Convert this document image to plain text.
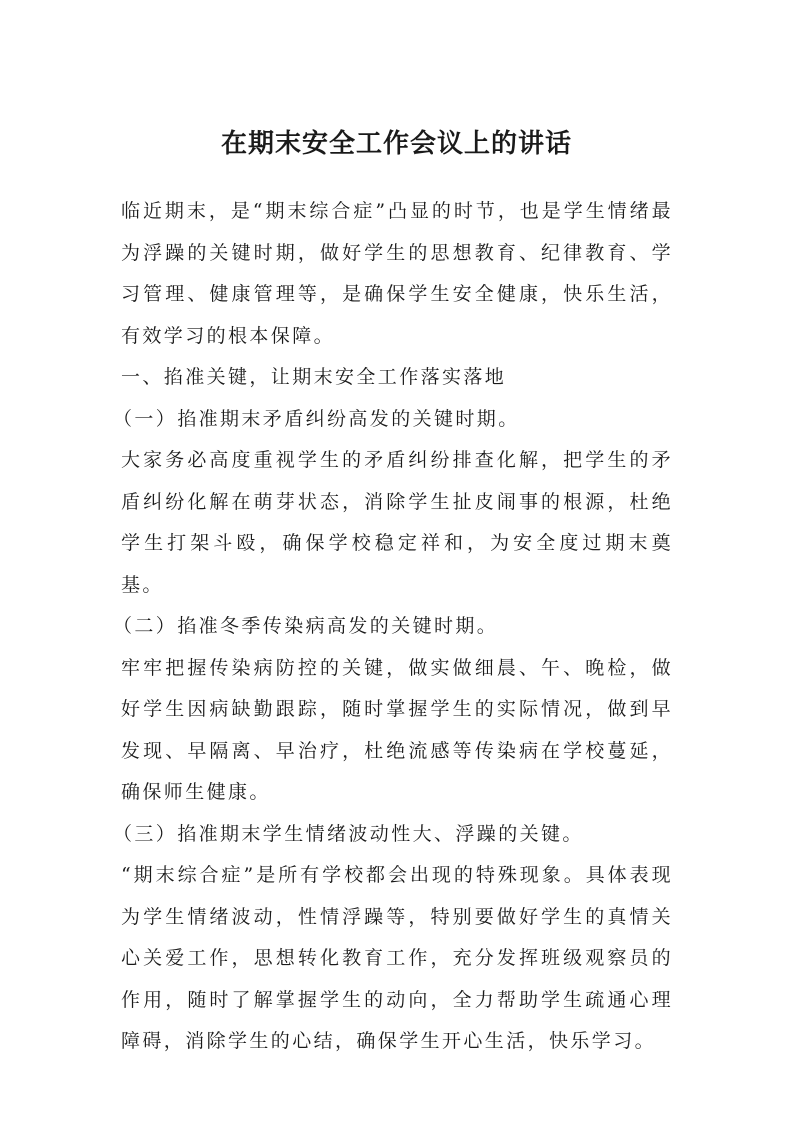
在期末安全工作会议上的讲话

临近期末，是“期末综合症”凸显的时节，也是学生情绪最为浮躁的关键时期，做好学生的思想教育、纪律教育、学习管理、健康管理等，是确保学生安全健康，快乐生活，有效学习的根本保障。

一、掐准关键，让期末安全工作落实落地

（一）掐准期末矛盾纠纷高发的关键时期。

大家务必高度重视学生的矛盾纠纷排查化解，把学生的矛盾纠纷化解在萌芽状态，消除学生扯皮闹事的根源，杜绝学生打架斗殴，确保学校稳定祥和，为安全度过期末奠基。

（二）掐准冬季传染病高发的关键时期。

牢牢把握传染病防控的关键，做实做细晨、午、晚检，做好学生因病缺勤跟踪，随时掌握学生的实际情况，做到早发现、早隔离、早治疗，杜绝流感等传染病在学校蔓延，确保师生健康。

（三）掐准期末学生情绪波动性大、浮躁的关键。

“期末综合症”是所有学校都会出现的特殊现象。具体表现为学生情绪波动，性情浮躁等，特别要做好学生的真情关心关爱工作，思想转化教育工作，充分发挥班级观察员的作用，随时了解掌握学生的动向，全力帮助学生疏通心理障碍，消除学生的心结，确保学生开心生活，快乐学习。
